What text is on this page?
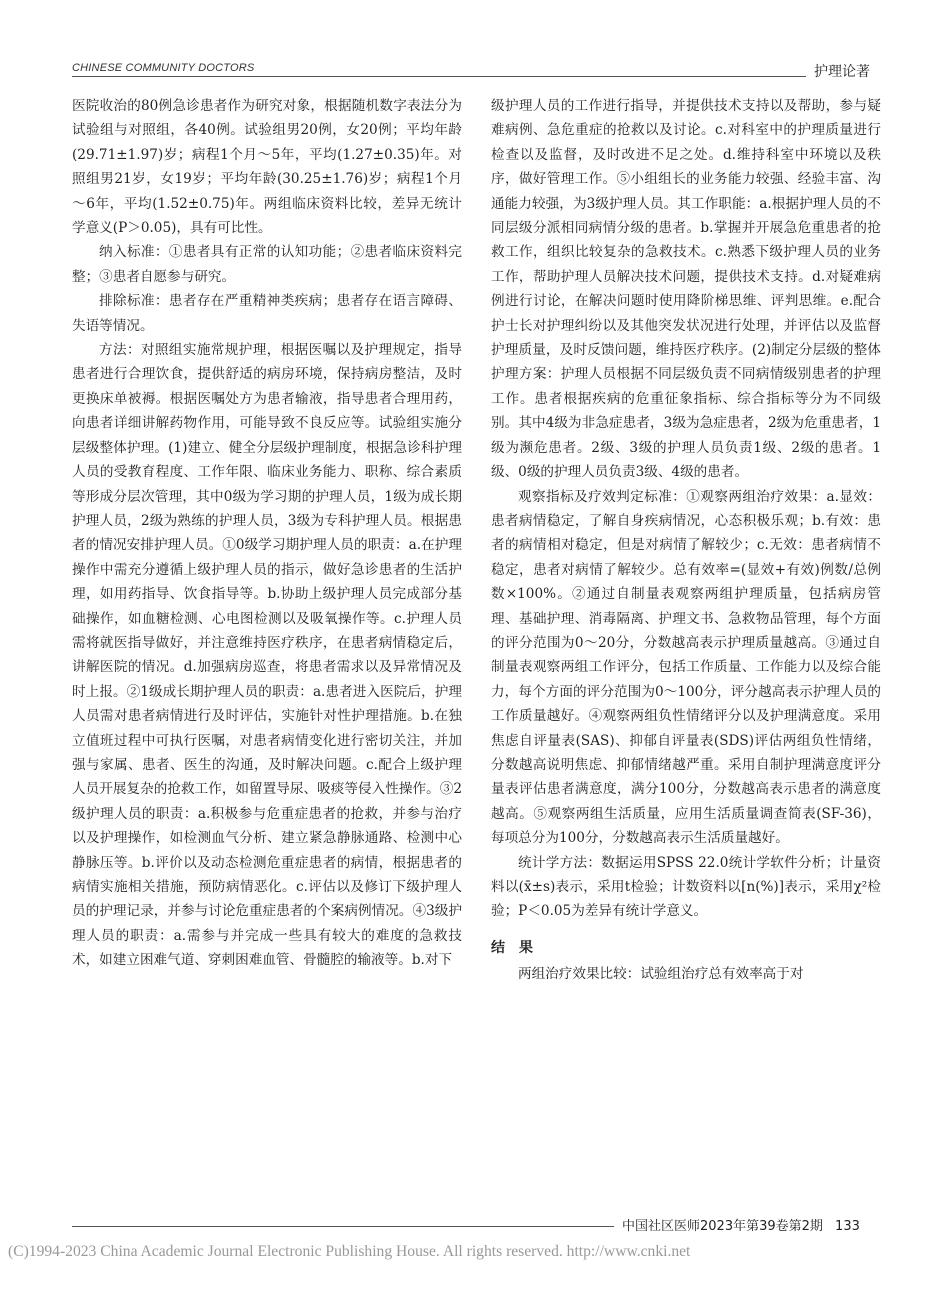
CHINESE COMMUNITY DOCTORS	护理论著

医院收治的80例急诊患者作为研究对象，根据随机数字表法分为试验组与对照组，各40例。试验组男20例，女20例；平均年龄(29.71±1.97)岁；病程1个月～5年，平均(1.27±0.35)年。对照组男21岁，女19岁；平均年龄(30.25±1.76)岁；病程1个月～6年，平均(1.52±0.75)年。两组临床资料比较，差异无统计学意义(P＞0.05)，具有可比性。

纳入标准：①患者具有正常的认知功能；②患者临床资料完整；③患者自愿参与研究。

排除标准：患者存在严重精神类疾病；患者存在语言障碍、失语等情况。

方法：对照组实施常规护理，根据医嘱以及护理规定，指导患者进行合理饮食，提供舒适的病房环境，保持病房整洁，及时更换床单被褥。根据医嘱处方为患者输液，指导患者合理用药，向患者详细讲解药物作用，可能导致不良反应等。试验组实施分层级整体护理。(1)建立、健全分层级护理制度，根据急诊科护理人员的受教育程度、工作年限、临床业务能力、职称、综合素质等形成分层次管理，其中0级为学习期的护理人员，1级为成长期护理人员，2级为熟练的护理人员，3级为专科护理人员。根据患者的情况安排护理人员。①0级学习期护理人员的职责：a.在护理操作中需充分遵循上级护理人员的指示，做好急诊患者的生活护理，如用药指导、饮食指导等。b.协助上级护理人员完成部分基础操作，如血糖检测、心电图检测以及吸氧操作等。c.护理人员需将就医指导做好，并注意维持医疗秩序，在患者病情稳定后，讲解医院的情况。d.加强病房巡查，将患者需求以及异常情况及时上报。②1级成长期护理人员的职责：a.患者进入医院后，护理人员需对患者病情进行及时评估，实施针对性护理措施。b.在独立值班过程中可执行医嘱，对患者病情变化进行密切关注，并加强与家属、患者、医生的沟通，及时解决问题。c.配合上级护理人员开展复杂的抢救工作，如留置导尿、吸痰等侵入性操作。③2级护理人员的职责：a.积极参与危重症患者的抢救，并参与治疗以及护理操作，如检测血气分析、建立紧急静脉通路、检测中心静脉压等。b.评价以及动态检测危重症患者的病情，根据患者的病情实施相关措施，预防病情恶化。c.评估以及修订下级护理人员的护理记录，并参与讨论危重症患者的个案病例情况。④3级护理人员的职责：a.需参与并完成一些具有较大的难度的急救技术，如建立困难气道、穿刺困难血管、骨髓腔的输液等。b.对下

级护理人员的工作进行指导，并提供技术支持以及帮助，参与疑难病例、急危重症的抢救以及讨论。c.对科室中的护理质量进行检查以及监督，及时改进不足之处。d.维持科室中环境以及秩序，做好管理工作。⑤小组组长的业务能力较强、经验丰富、沟通能力较强，为3级护理人员。其工作职能：a.根据护理人员的不同层级分派相同病情分级的患者。b.掌握并开展急危重患者的抢救工作，组织比较复杂的急救技术。c.熟悉下级护理人员的业务工作，帮助护理人员解决技术问题，提供技术支持。d.对疑难病例进行讨论，在解决问题时使用降阶梯思维、评判思维。e.配合护士长对护理纠纷以及其他突发状况进行处理，并评估以及监督护理质量，及时反馈问题，维持医疗秩序。(2)制定分层级的整体护理方案：护理人员根据不同层级负责不同病情级别患者的护理工作。患者根据疾病的危重征象指标、综合指标等分为不同级别。其中4级为非急症患者，3级为急症患者，2级为危重患者，1级为濒危患者。2级、3级的护理人员负责1级、2级的患者。1级、0级的护理人员负责3级、4级的患者。

观察指标及疗效判定标准：①观察两组治疗效果：a.显效：患者病情稳定，了解自身疾病情况，心态积极乐观；b.有效：患者的病情相对稳定，但是对病情了解较少；c.无效：患者病情不稳定，患者对病情了解较少。总有效率=(显效+有效)例数/总例数×100%。②通过自制量表观察两组护理质量，包括病房管理、基础护理、消毒隔离、护理文书、急救物品管理，每个方面的评分范围为0～20分，分数越高表示护理质量越高。③通过自制量表观察两组工作评分，包括工作质量、工作能力以及综合能力，每个方面的评分范围为0～100分，评分越高表示护理人员的工作质量越好。④观察两组负性情绪评分以及护理满意度。采用焦虑自评量表(SAS)、抑郁自评量表(SDS)评估两组负性情绪，分数越高说明焦虑、抑郁情绪越严重。采用自制护理满意度评分量表评估患者满意度，满分100分，分数越高表示患者的满意度越高。⑤观察两组生活质量，应用生活质量调查简表(SF-36)，每项总分为100分，分数越高表示生活质量越好。

统计学方法：数据运用SPSS 22.0统计学软件分析；计量资料以(x̄±s)表示，采用t检验；计数资料以[n(%)]表示，采用χ²检验；P＜0.05为差异有统计学意义。

结　果

两组治疗效果比较：试验组治疗总有效率高于对

中国社区医师2023年第39卷第2期 133
(C)1994-2023 China Academic Journal Electronic Publishing House. All rights reserved. http://www.cnki.net
